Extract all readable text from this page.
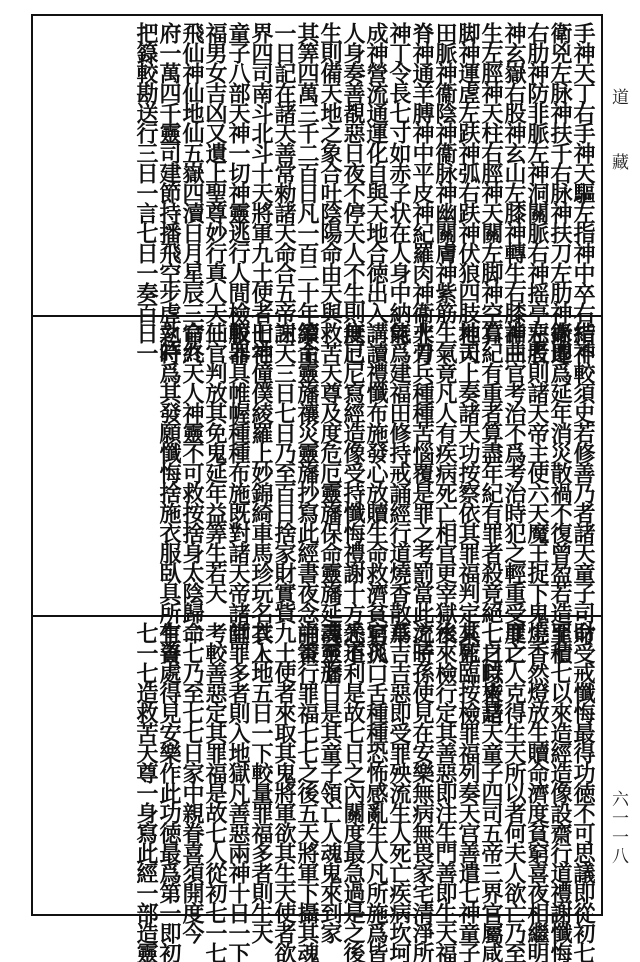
手神天丁右手神天驅左指神中卒右指神
衛兇左脉神扶千右脉神扶刀左肋神衞遷
右肋神防非脈左神洞關脈右神摇亭左股
神玄嶽右股神玄山左膝神轉生右膝神曲
生左脛神天柱右脛神天關左脚神空右
脚神運虗左趺神弧右趺神伏狼四肢神天
田脈神衞陰神衞脉神幽關膚神紫筋
脊神通羊膊神中平皮神紀羅肉神衞非骨
神丁令長七寸如赤子状在人身中納氣
成神營流通運化自與天地合徳出入
人身奏善覩惡日夜不停天人不生則無已
生則備天地之象合吐陰陽命由天與
其筭四萬三千二百日凡一百二十年筭主
一日記在諸天善常勑諸天命合五帝三
界四司南斗北斗十天將軍九土使者七神
童子八部天神一切神靈逃行人間檢較罪
福男女吉凶又遺上聖尊妙行真人天仙
飛仙神仙地仙五嶽四瀆日月星辰三官九
府一萬四千靈司建節持播飛空步虗執符
把籙較勘送行三日一言七日一奏百日一
結不較須史若修善乃者諸天童子司命
錄即爲延年消災散禍不復曾盈若造罪積
惡者則諸天帝主使六天魔王捉下鬼上
詣三官考治不爲考治時犯之輕重受罪之
算紀有重者算盡年紀有罪者殺竟絕七之時皆是
地司上奏諸天功按察依其罪福判定其死
生氣竟凡人有疾病死亡相官更宰獄水
火刀兵種種苦惱覆是罪之考罰當此之時
能爲建福田修持戒誦經行道燒香散華
講讀禮懺布施發心放贖生命救濟貧窮孤
度厄尼寫經造像受持懺悔禮謝十方先道
救苦天尊及度危厄靈旛保命靈旛延壽靈旛
續命靈旛禳災靈旛抄寫此經書夜念誦香
謝天三日七日乃至百日捨家財實貲
田宅僮僕綾羅上妙錦綺車馬珍玩名衣上
服器具帷幄種種布施既對諸天帝諸師
三官判放其免鬼延年益筭生若天
命終天人神靈不可救按捨身太陰歸命
之時爲其發願懺悔捨施衣服臥具所有資
財受戒懺悔最得功徳不可思議即從初七
至七七以來造經造像設齋行道禮謝懺悔
燒香然燈放生贖命濟度貧窮喜夜相繼明
度亡人克得生天所以者何夫人欲亡乃至
七日以來諸天童子四司五帝三界官屬咸
來監臨按檢罪福列奏天宫善遣七神童子
後來檢行定其善惡即注生門善即生天福
流子孫使見在安樂無病無畏家宅清淨所
爲吉吉惡即受罪殃流生人死亡疾病坎坷
官災口舌種種恐怖感亂生人凡所施爲皆
悉不利是故七日之內關度最急過是之後
魂至七日是其童子領亡人魂鬼來到家
中策行罪福七七之後五天將軍下攝其魂
九土使者來取其鬼將軍欲其生天使者欲
其入地五日一下較量罪福多者則生天
堂罪多者則入地獄凡善惡兩神十日一下
考較善惡定其罪福是故七人從初七一七
二七乃至七七日家中親眷喜須開度今
生善處得見安樂作此功徳最爲第一即初
七一七造救苦天尊一身寫此經一部造靈
道 藏
六一一八
